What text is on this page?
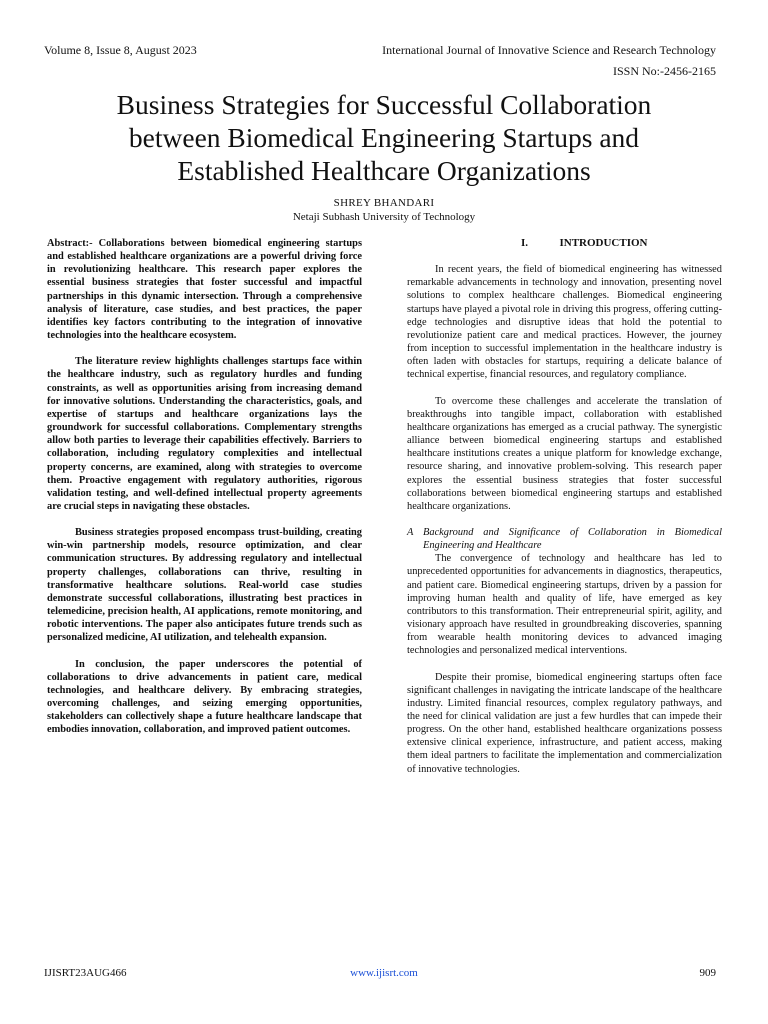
Volume 8, Issue 8, August 2023	International Journal of Innovative Science and Research Technology
ISSN No:-2456-2165
Business Strategies for Successful Collaboration
between Biomedical Engineering Startups and
Established Healthcare Organizations
SHREY BHANDARI
Netaji Subhash University of Technology

Abstract:- Collaborations between biomedical engineering startups and established healthcare organizations are a powerful driving force in revolutionizing healthcare. This research paper explores the essential business strategies that foster successful and impactful partnerships in this dynamic intersection. Through a comprehensive analysis of literature, case studies, and best practices, the paper identifies key factors contributing to the integration of innovative technologies into the healthcare ecosystem.

The literature review highlights challenges startups face within the healthcare industry, such as regulatory hurdles and funding constraints, as well as opportunities arising from increasing demand for innovative solutions. Understanding the characteristics, goals, and expertise of startups and healthcare organizations lays the groundwork for successful collaborations. Complementary strengths allow both parties to leverage their capabilities effectively. Barriers to collaboration, including regulatory complexities and intellectual property concerns, are examined, along with strategies to overcome them. Proactive engagement with regulatory authorities, rigorous validation testing, and well-defined intellectual property agreements are crucial steps in navigating these obstacles.

Business strategies proposed encompass trust-building, creating win-win partnership models, resource optimization, and clear communication structures. By addressing regulatory and intellectual property challenges, collaborations can thrive, resulting in transformative healthcare solutions. Real-world case studies demonstrate successful collaborations, illustrating best practices in telemedicine, precision health, AI applications, remote monitoring, and robotic interventions. The paper also anticipates future trends such as personalized medicine, AI utilization, and telehealth expansion.

In conclusion, the paper underscores the potential of collaborations to drive advancements in patient care, medical technologies, and healthcare delivery. By embracing strategies, overcoming challenges, and seizing emerging opportunities, stakeholders can collectively shape a future healthcare landscape that embodies innovation, collaboration, and improved patient outcomes.

I.	INTRODUCTION

In recent years, the field of biomedical engineering has witnessed remarkable advancements in technology and innovation, presenting novel solutions to complex healthcare challenges. Biomedical engineering startups have played a pivotal role in driving this progress, offering cutting-edge technologies and disruptive ideas that hold the potential to revolutionize patient care and medical practices. However, the journey from inception to successful implementation in the healthcare industry is often laden with obstacles for startups, requiring a delicate balance of technical expertise, financial resources, and regulatory compliance.

To overcome these challenges and accelerate the translation of breakthroughs into tangible impact, collaboration with established healthcare organizations has emerged as a crucial pathway. The synergistic alliance between biomedical engineering startups and established healthcare institutions creates a unique platform for knowledge exchange, resource sharing, and innovative problem-solving. This research paper explores the essential business strategies that foster successful collaborations between biomedical engineering startups and established healthcare organizations.

A Background and Significance of Collaboration in Biomedical Engineering and Healthcare

The convergence of technology and healthcare has led to unprecedented opportunities for advancements in diagnostics, therapeutics, and patient care. Biomedical engineering startups, driven by a passion for improving human health and quality of life, have emerged as key contributors to this transformation. Their entrepreneurial spirit, agility, and visionary approach have resulted in groundbreaking discoveries, spanning from wearable health monitoring devices to advanced imaging technologies and personalized medical interventions.

Despite their promise, biomedical engineering startups often face significant challenges in navigating the intricate landscape of the healthcare industry. Limited financial resources, complex regulatory pathways, and the need for clinical validation are just a few hurdles that can impede their progress. On the other hand, established healthcare organizations possess extensive clinical experience, infrastructure, and patient access, making them ideal partners to facilitate the implementation and commercialization of innovative technologies.

IJISRT23AUG466	www.ijisrt.com	909
